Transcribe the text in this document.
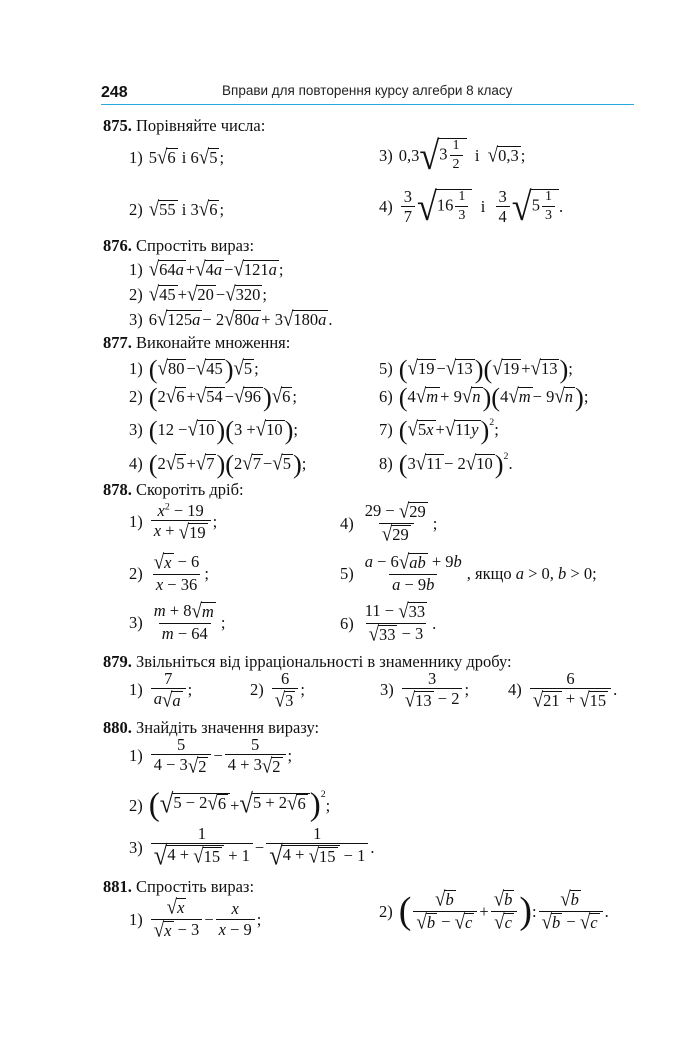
248	Вправи для повторення курсу алгебри 8 класу
875. Порівняйте числа:
1) 5 √ 6
і 6 √ 5 ;	3) 0,3 √ $3 \frac{1}{2}$
і
√ 0,3 ;
2) √ 55
і 3 √ 6 ;	$4) \frac{3}{7}$ √ $16 \frac{1}{3}$
і
$\frac{3}{4}$ √ $5 \frac{1}{3}$ .
876. Спростіть вираз:
1) √ 64a + √ 4a − √ 121a ;
2) √ 45 + √ 20 − √ 320 ;
3) 6 √ 125a − 2 √ 80a + 3 √ 180a .
877. Виконайте множення:
1) ( √ 80 − √ 45 ) √ 5 ;	5) ( √ 19 − √ 13 )( √ 19 + √ 13 ) ;
2) ( 2 √ 6 + √ 54 − √ 96 ) √ 6 ;	6) ( 4 √ m + 9 √ n )( 4 √ m − 9 √ n ) ;
3) ( 12 − √ 10 )( 3 + √ 10 ) ;	7) ( √ 5x + √ 11y )$^2$ ;
4) ( 2 √ 5 + √ 7 )( 2 √ 7 − √ 5 ) ;	8) ( 3 √ 11 − 2 √ 10 )$^2$ .
878. Скоротіть дріб:
$1) \frac{x^2 - 19}{x + √ 19}$ ;	$4) \frac{29 - √ 29}{√ 29}$ ;
$2) \frac{√ x - 6}{x - 36}$ ;	$5) \frac{a - 6 √ ab + 9b}{a - 9b}$ , якщо
a > 0, b > 0;
$3) \frac{m + 8 √ m}{m - 64}$ ;	$6) \frac{11 - √ 33}{√ 33 - 3}$ .
879. Звільніться від ірраціональності в знаменнику дробу:
$1) \frac{7}{a √ a}$ ;	$2) \frac{6}{√ 3}$ ;	$3) \frac{3}{√ 13 - 2}$ ; $4) \frac{6}{√ 21 + √ 15}$ .
880. Знайдіть значення виразу:
$1) \frac{5}{4 - 3 √ 2} - \frac{5}{4 + 3 √ 2}$ ;
2) ( √ 5 − 2 √ 6 + √ 5 + 2 √ 6 )$^2$
;
$3) \frac{1}{√ 4 + √ 15 + 1} - \frac{1}{√ 4 + √ 15 - 1}$ .
881. Спростіть вираз:
$1) \frac{√ x}{√ x - 3} - \frac{x}{x - 9}$ ;	2) ( $\frac{√ b}{√ b - √ c} + \frac{√ b}{√ c}$ ) : $\frac{√ b}{√ b - √ c}$ .
